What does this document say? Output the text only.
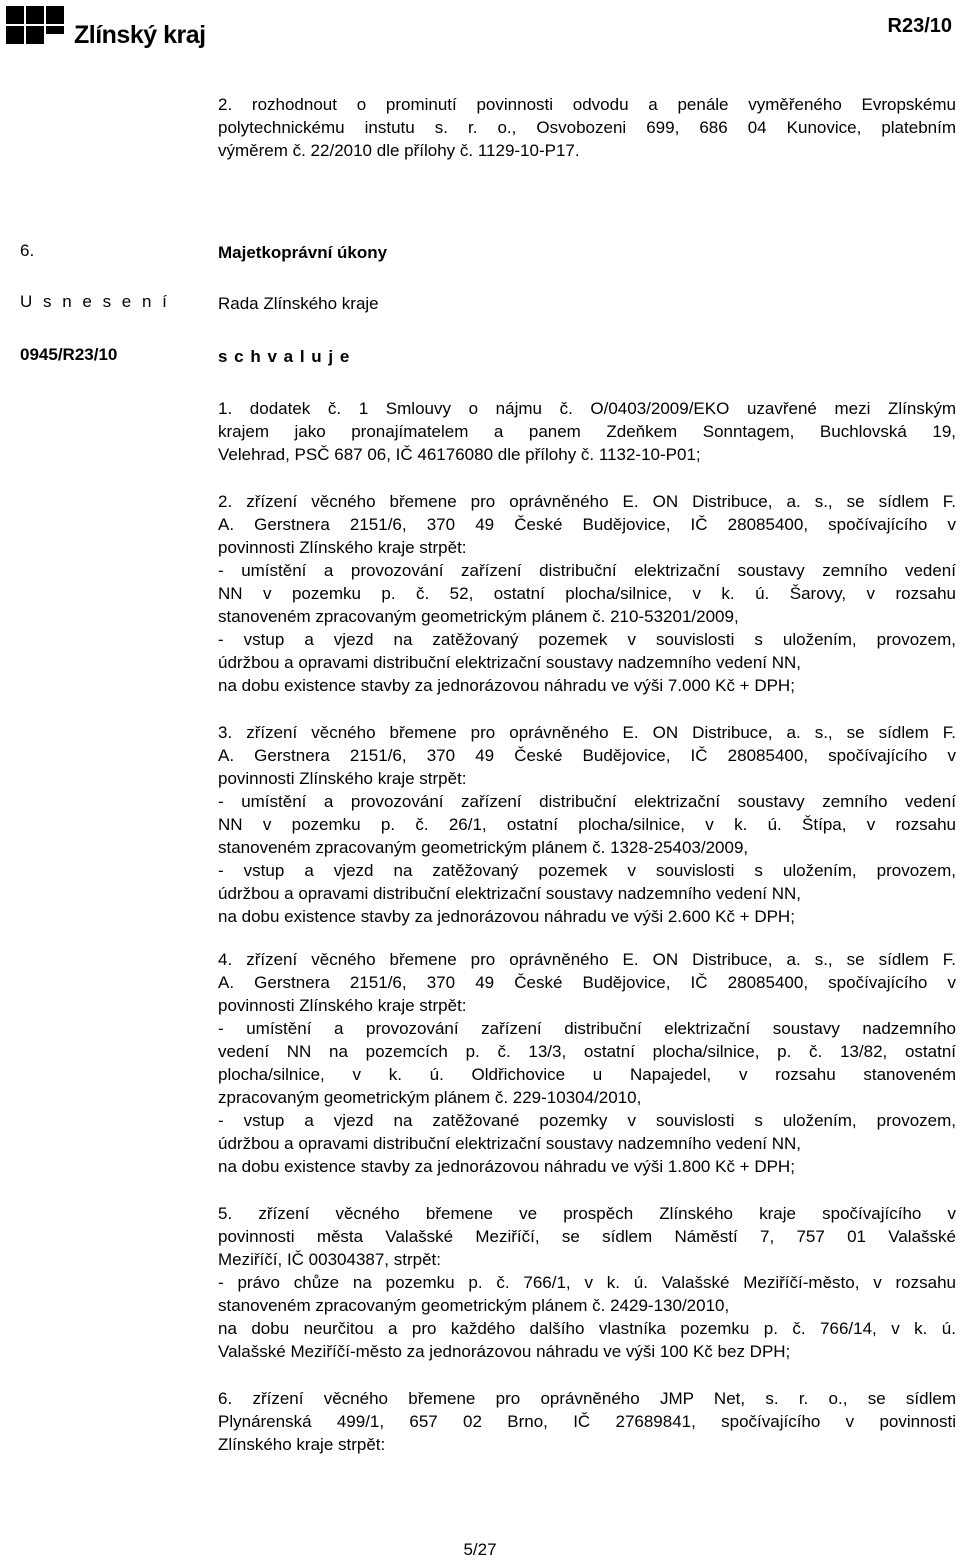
Zlínský kraj	R23/10
2. rozhodnout o prominutí povinnosti odvodu a penále vyměřeného Evropskému
polytechnickému instutu s. r. o., Osvobozeni 699, 686 04 Kunovice, platebním
výměrem č. 22/2010 dle přílohy č. 1129-10-P17.
6.	Majetkoprávní úkony
U s n e s e n í	Rada Zlínského kraje
0945/R23/10	s c h v a l u j e
1. dodatek č. 1 Smlouvy o nájmu č. O/0403/2009/EKO uzavřené mezi Zlínským
krajem jako pronajímatelem a panem Zdeňkem Sonntagem, Buchlovská 19,
Velehrad, PSČ 687 06, IČ 46176080 dle přílohy č. 1132-10-P01;
2. zřízení věcného břemene pro oprávněného E. ON Distribuce, a. s., se sídlem F.
A. Gerstnera 2151/6, 370 49 České Budějovice, IČ 28085400, spočívajícího v
povinnosti Zlínského kraje strpět:
- umístění a provozování zařízení distribuční elektrizační soustavy zemního vedení
NN v pozemku p. č. 52, ostatní plocha/silnice, v k. ú. Šarovy, v rozsahu
stanoveném zpracovaným geometrickým plánem č. 210-53201/2009,
- vstup a vjezd na zatěžovaný pozemek v souvislosti s uložením, provozem,
údržbou a opravami distribuční elektrizační soustavy nadzemního vedení NN,
na dobu existence stavby za jednorázovou náhradu ve výši 7.000 Kč + DPH;
3. zřízení věcného břemene pro oprávněného E. ON Distribuce, a. s., se sídlem F.
A. Gerstnera 2151/6, 370 49 České Budějovice, IČ 28085400, spočívajícího v
povinnosti Zlínského kraje strpět:
- umístění a provozování zařízení distribuční elektrizační soustavy zemního vedení
NN v pozemku p. č. 26/1, ostatní plocha/silnice, v k. ú. Štípa, v rozsahu
stanoveném zpracovaným geometrickým plánem č. 1328-25403/2009,
- vstup a vjezd na zatěžovaný pozemek v souvislosti s uložením, provozem,
údržbou a opravami distribuční elektrizační soustavy nadzemního vedení NN,
na dobu existence stavby za jednorázovou náhradu ve výši 2.600 Kč + DPH;
4. zřízení věcného břemene pro oprávněného E. ON Distribuce, a. s., se sídlem F.
A. Gerstnera 2151/6, 370 49 České Budějovice, IČ 28085400, spočívajícího v
povinnosti Zlínského kraje strpět:
- umístění a provozování zařízení distribuční elektrizační soustavy nadzemního
vedení NN na pozemcích p. č. 13/3, ostatní plocha/silnice, p. č. 13/82, ostatní
plocha/silnice, v k. ú. Oldřichovice u Napajedel, v rozsahu stanoveném
zpracovaným geometrickým plánem č. 229-10304/2010,
- vstup a vjezd na zatěžované pozemky v souvislosti s uložením, provozem,
údržbou a opravami distribuční elektrizační soustavy nadzemního vedení NN,
na dobu existence stavby za jednorázovou náhradu ve výši 1.800 Kč + DPH;
5. zřízení věcného břemene ve prospěch Zlínského kraje spočívajícího v
povinnosti města Valašské Meziříčí, se sídlem Náměstí 7, 757 01 Valašské
Meziříčí, IČ 00304387, strpět:
- právo chůze na pozemku p. č. 766/1, v k. ú. Valašské Meziříčí-město, v rozsahu
stanoveném zpracovaným geometrickým plánem č. 2429-130/2010,
na dobu neurčitou a pro každého dalšího vlastníka pozemku p. č. 766/14, v k. ú.
Valašské Meziříčí-město za jednorázovou náhradu ve výši 100 Kč bez DPH;
6. zřízení věcného břemene pro oprávněného JMP Net, s. r. o., se sídlem
Plynárenská 499/1, 657 02 Brno, IČ 27689841, spočívajícího v povinnosti
Zlínského kraje strpět:
5/27
